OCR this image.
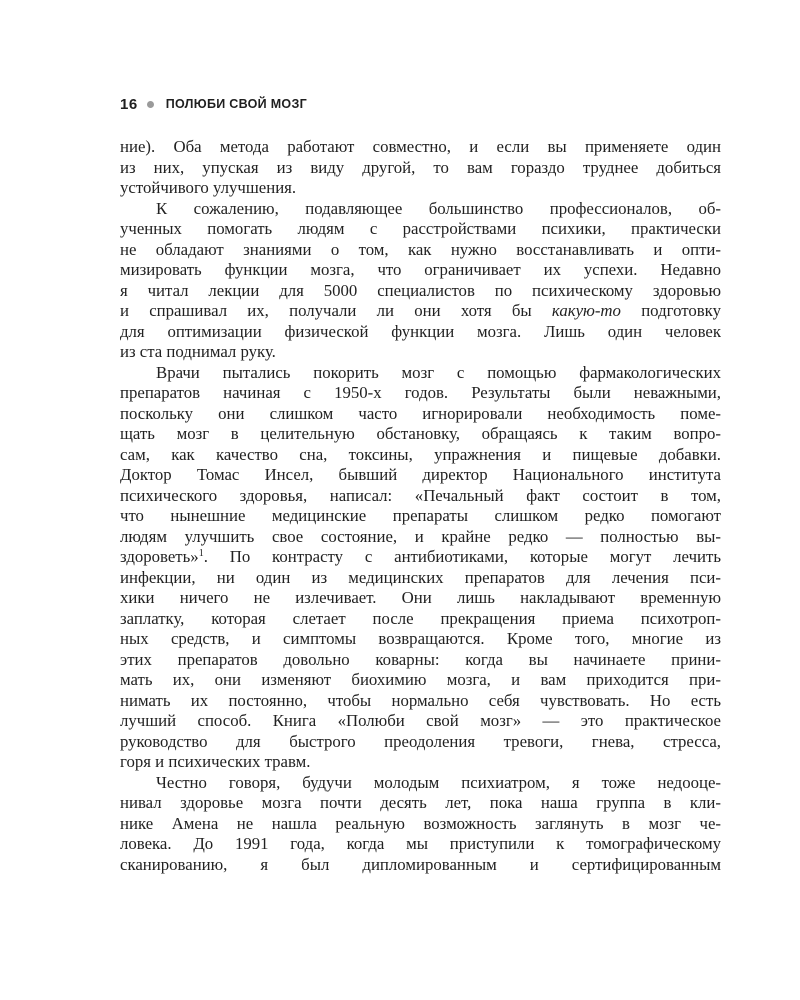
16 ПОЛЮБИ СВОЙ МОЗГ
ние). Оба метода работают совместно, и если вы применяете один
из них, упуская из виду другой, то вам гораздо труднее добиться
устойчивого улучшения.
К сожалению, подавляющее большинство профессионалов, об-
ученных помогать людям с расстройствами психики, практически
не обладают знаниями о том, как нужно восстанавливать и опти-
мизировать функции мозга, что ограничивает их успехи. Недавно
я читал лекции для 5000 специалистов по психическому здоровью
и спрашивал их, получали ли они хотя бы какую-то подготовку
для оптимизации физической функции мозга. Лишь один человек
из ста поднимал руку.
Врачи пытались покорить мозг с помощью фармакологических
препаратов начиная с 1950-х годов. Результаты были неважными,
поскольку они слишком часто игнорировали необходимость поме-
щать мозг в целительную обстановку, обращаясь к таким вопро-
сам, как качество сна, токсины, упражнения и пищевые добавки.
Доктор Томас Инсел, бывший директор Национального института
психического здоровья, написал: «Печальный факт состоит в том,
что нынешние медицинские препараты слишком редко помогают
людям улучшить свое состояние, и крайне редко — полностью вы-
здороветь»$^1$. По контрасту с антибиотиками, которые могут лечить
инфекции, ни один из медицинских препаратов для лечения пси-
хики ничего не излечивает. Они лишь накладывают временную
заплатку, которая слетает после прекращения приема психотроп-
ных средств, и симптомы возвращаются. Кроме того, многие из
этих препаратов довольно коварны: когда вы начинаете прини-
мать их, они изменяют биохимию мозга, и вам приходится при-
нимать их постоянно, чтобы нормально себя чувствовать. Но есть
лучший способ. Книга «Полюби свой мозг» — это практическое
руководство для быстрого преодоления тревоги, гнева, стресса,
горя и психических травм.
Честно говоря, будучи молодым психиатром, я тоже недооце-
нивал здоровье мозга почти десять лет, пока наша группа в кли-
нике Амена не нашла реальную возможность заглянуть в мозг че-
ловека. До 1991 года, когда мы приступили к томографическому
сканированию, я был дипломированным и сертифицированным
